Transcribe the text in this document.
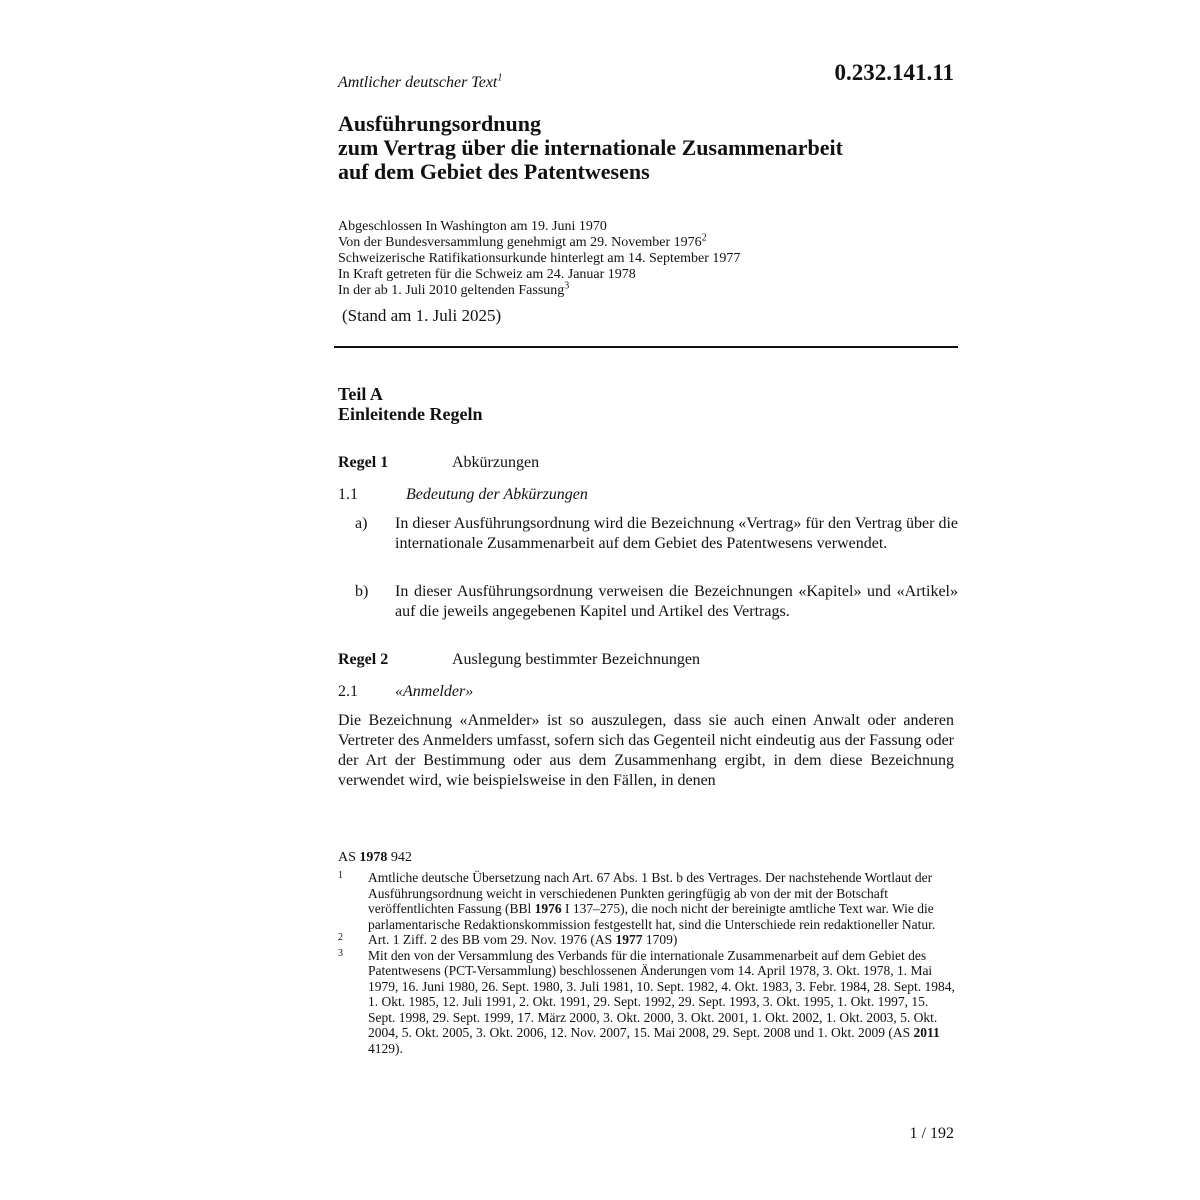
Amtlicher deutscher Text$^1$	0.232.141.11
Ausführungsordnung
zum Vertrag über die internationale Zusammenarbeit
auf dem Gebiet des Patentwesens
Abgeschlossen In Washington am 19. Juni 1970
Von der Bundesversammlung genehmigt am 29. November 1976$^2$
Schweizerische Ratifikationsurkunde hinterlegt am 14. September 1977
In Kraft getreten für die Schweiz am 24. Januar 1978
In der ab 1. Juli 2010 geltenden Fassung$^3$
(Stand am 1. Juli 2025)
Teil A
Einleitende Regeln
Regel 1	Abkürzungen
1.1	Bedeutung der Abkürzungen
a) In dieser Ausführungsordnung wird die Bezeichnung «Vertrag» für den Vertrag über die internationale Zusammenarbeit auf dem Gebiet des Patentwesens verwendet.
b) In dieser Ausführungsordnung verweisen die Bezeichnungen «Kapitel» und «Artikel» auf die jeweils angegebenen Kapitel und Artikel des Vertrags.
Regel 2	Auslegung bestimmter Bezeichnungen
2.1 «Anmelder»
Die Bezeichnung «Anmelder» ist so auszulegen, dass sie auch einen Anwalt oder anderen Vertreter des Anmelders umfasst, sofern sich das Gegenteil nicht eindeutig aus der Fassung oder der Art der Bestimmung oder aus dem Zusammenhang ergibt, in dem diese Bezeichnung verwendet wird, wie beispielsweise in den Fällen, in denen
AS 1978 942
1 Amtliche deutsche Übersetzung nach Art. 67 Abs. 1 Bst. b des Vertrages. Der nachstehende Wortlaut der Ausführungsordnung weicht in verschiedenen Punkten geringfügig ab von der mit der Botschaft veröffentlichten Fassung (BBl 1976 I 137–275), die noch nicht der bereinigte amtliche Text war. Wie die parlamentarische Redaktionskommission festgestellt hat, sind die Unterschiede rein redaktioneller Natur.
2 Art. 1 Ziff. 2 des BB vom 29. Nov. 1976 (AS 1977 1709)
3 Mit den von der Versammlung des Verbands für die internationale Zusammenarbeit auf dem Gebiet des Patentwesens (PCT-Versammlung) beschlossenen Änderungen vom 14. April 1978, 3. Okt. 1978, 1. Mai 1979, 16. Juni 1980, 26. Sept. 1980, 3. Juli 1981, 10. Sept. 1982, 4. Okt. 1983, 3. Febr. 1984, 28. Sept. 1984, 1. Okt. 1985, 12. Juli 1991, 2. Okt. 1991, 29. Sept. 1992, 29. Sept. 1993, 3. Okt. 1995, 1. Okt. 1997, 15. Sept. 1998, 29. Sept. 1999, 17. März 2000, 3. Okt. 2000, 3. Okt. 2001, 1. Okt. 2002, 1. Okt. 2003, 5. Okt. 2004, 5. Okt. 2005, 3. Okt. 2006, 12. Nov. 2007, 15. Mai 2008, 29. Sept. 2008 und 1. Okt. 2009 (AS 2011 4129).
1 / 192
